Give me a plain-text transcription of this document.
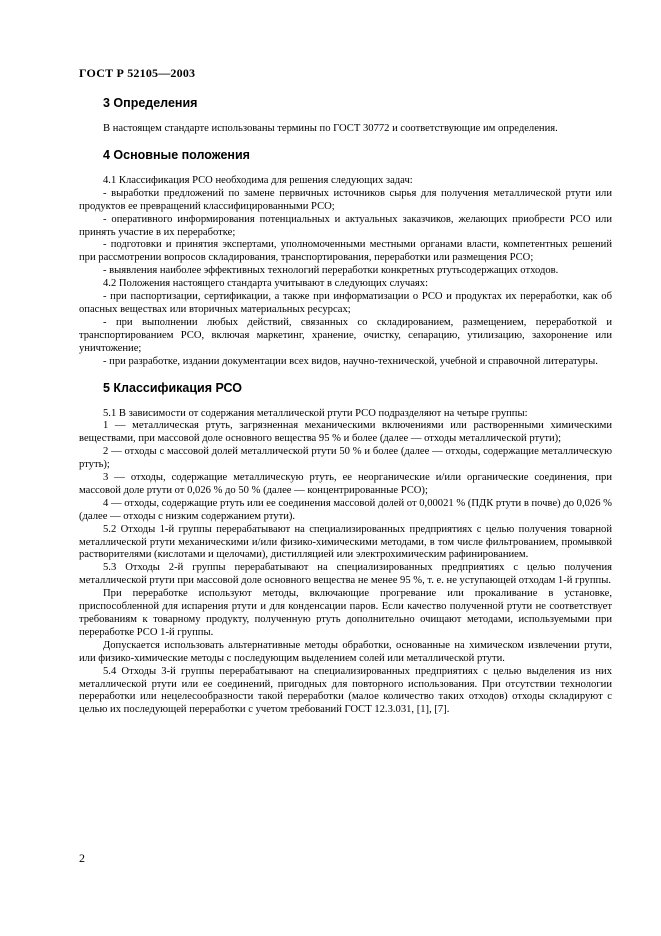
ГОСТ Р 52105—2003
3 Определения

В настоящем стандарте использованы термины по ГОСТ 30772 и соответствующие им определения.

4 Основные положения

4.1 Классификация РСО необходима для решения следующих задач:

- выработки предложений по замене первичных источников сырья для получения металлической ртути или продуктов ее превращений классифицированными РСО;

- оперативного информирования потенциальных и актуальных заказчиков, желающих приобрести РСО или принять участие в их переработке;

- подготовки и принятия экспертами, уполномоченными местными органами власти, компетентных решений при рассмотрении вопросов складирования, транспортирования, переработки или размещения РСО;

- выявления наиболее эффективных технологий переработки конкретных ртутьсодержащих отходов.

4.2 Положения настоящего стандарта учитывают в следующих случаях:

- при паспортизации, сертификации, а также при информатизации о РСО и продуктах их переработки, как об опасных веществах или вторичных материальных ресурсах;

- при выполнении любых действий, связанных со складированием, размещением, переработкой и транспортированием РСО, включая маркетинг, хранение, очистку, сепарацию, утилизацию, захоронение или уничтожение;

- при разработке, издании документации всех видов, научно-технической, учебной и справочной литературы.

5 Классификация РСО

5.1 В зависимости от содержания металлической ртути РСО подразделяют на четыре группы:

1 — металлическая ртуть, загрязненная механическими включениями или растворенными химическими веществами, при массовой доле основного вещества 95 % и более (далее — отходы металлической ртути);

2 — отходы с массовой долей металлической ртути 50 % и более (далее — отходы, содержащие металлическую ртуть);

3 — отходы, содержащие металлическую ртуть, ее неорганические и/или органические соединения, при массовой доле ртути от 0,026 % до 50 % (далее — концентрированные РСО);

4 — отходы, содержащие ртуть или ее соединения массовой долей от 0,00021 % (ПДК ртути в почве) до 0,026 % (далее — отходы с низким содержанием ртути).

5.2 Отходы 1-й группы перерабатывают на специализированных предприятиях с целью получения товарной металлической ртути механическими и/или физико-химическими методами, в том числе фильтрованием, промывкой растворителями (кислотами и щелочами), дистилляцией или электрохимическим рафинированием.

5.3 Отходы 2-й группы перерабатывают на специализированных предприятиях с целью получения металлической ртути при массовой доле основного вещества не менее 95 %, т. е. не уступающей отходам 1-й группы.

При переработке используют методы, включающие прогревание или прокаливание в установке, приспособленной для испарения ртути и для конденсации паров. Если качество полученной ртути не соответствует требованиям к товарному продукту, полученную ртуть дополнительно очищают методами, используемыми при переработке РСО 1-й группы.

Допускается использовать альтернативные методы обработки, основанные на химическом извлечении ртути, или физико-химические методы с последующим выделением солей или металлической ртути.

5.4 Отходы 3-й группы перерабатывают на специализированных предприятиях с целью выделения из них металлической ртути или ее соединений, пригодных для повторного использования. При отсутствии технологии переработки или нецелесообразности такой переработки (малое количество таких отходов) отходы складируют с целью их последующей переработки с учетом требований ГОСТ 12.3.031, [1], [7].

2
